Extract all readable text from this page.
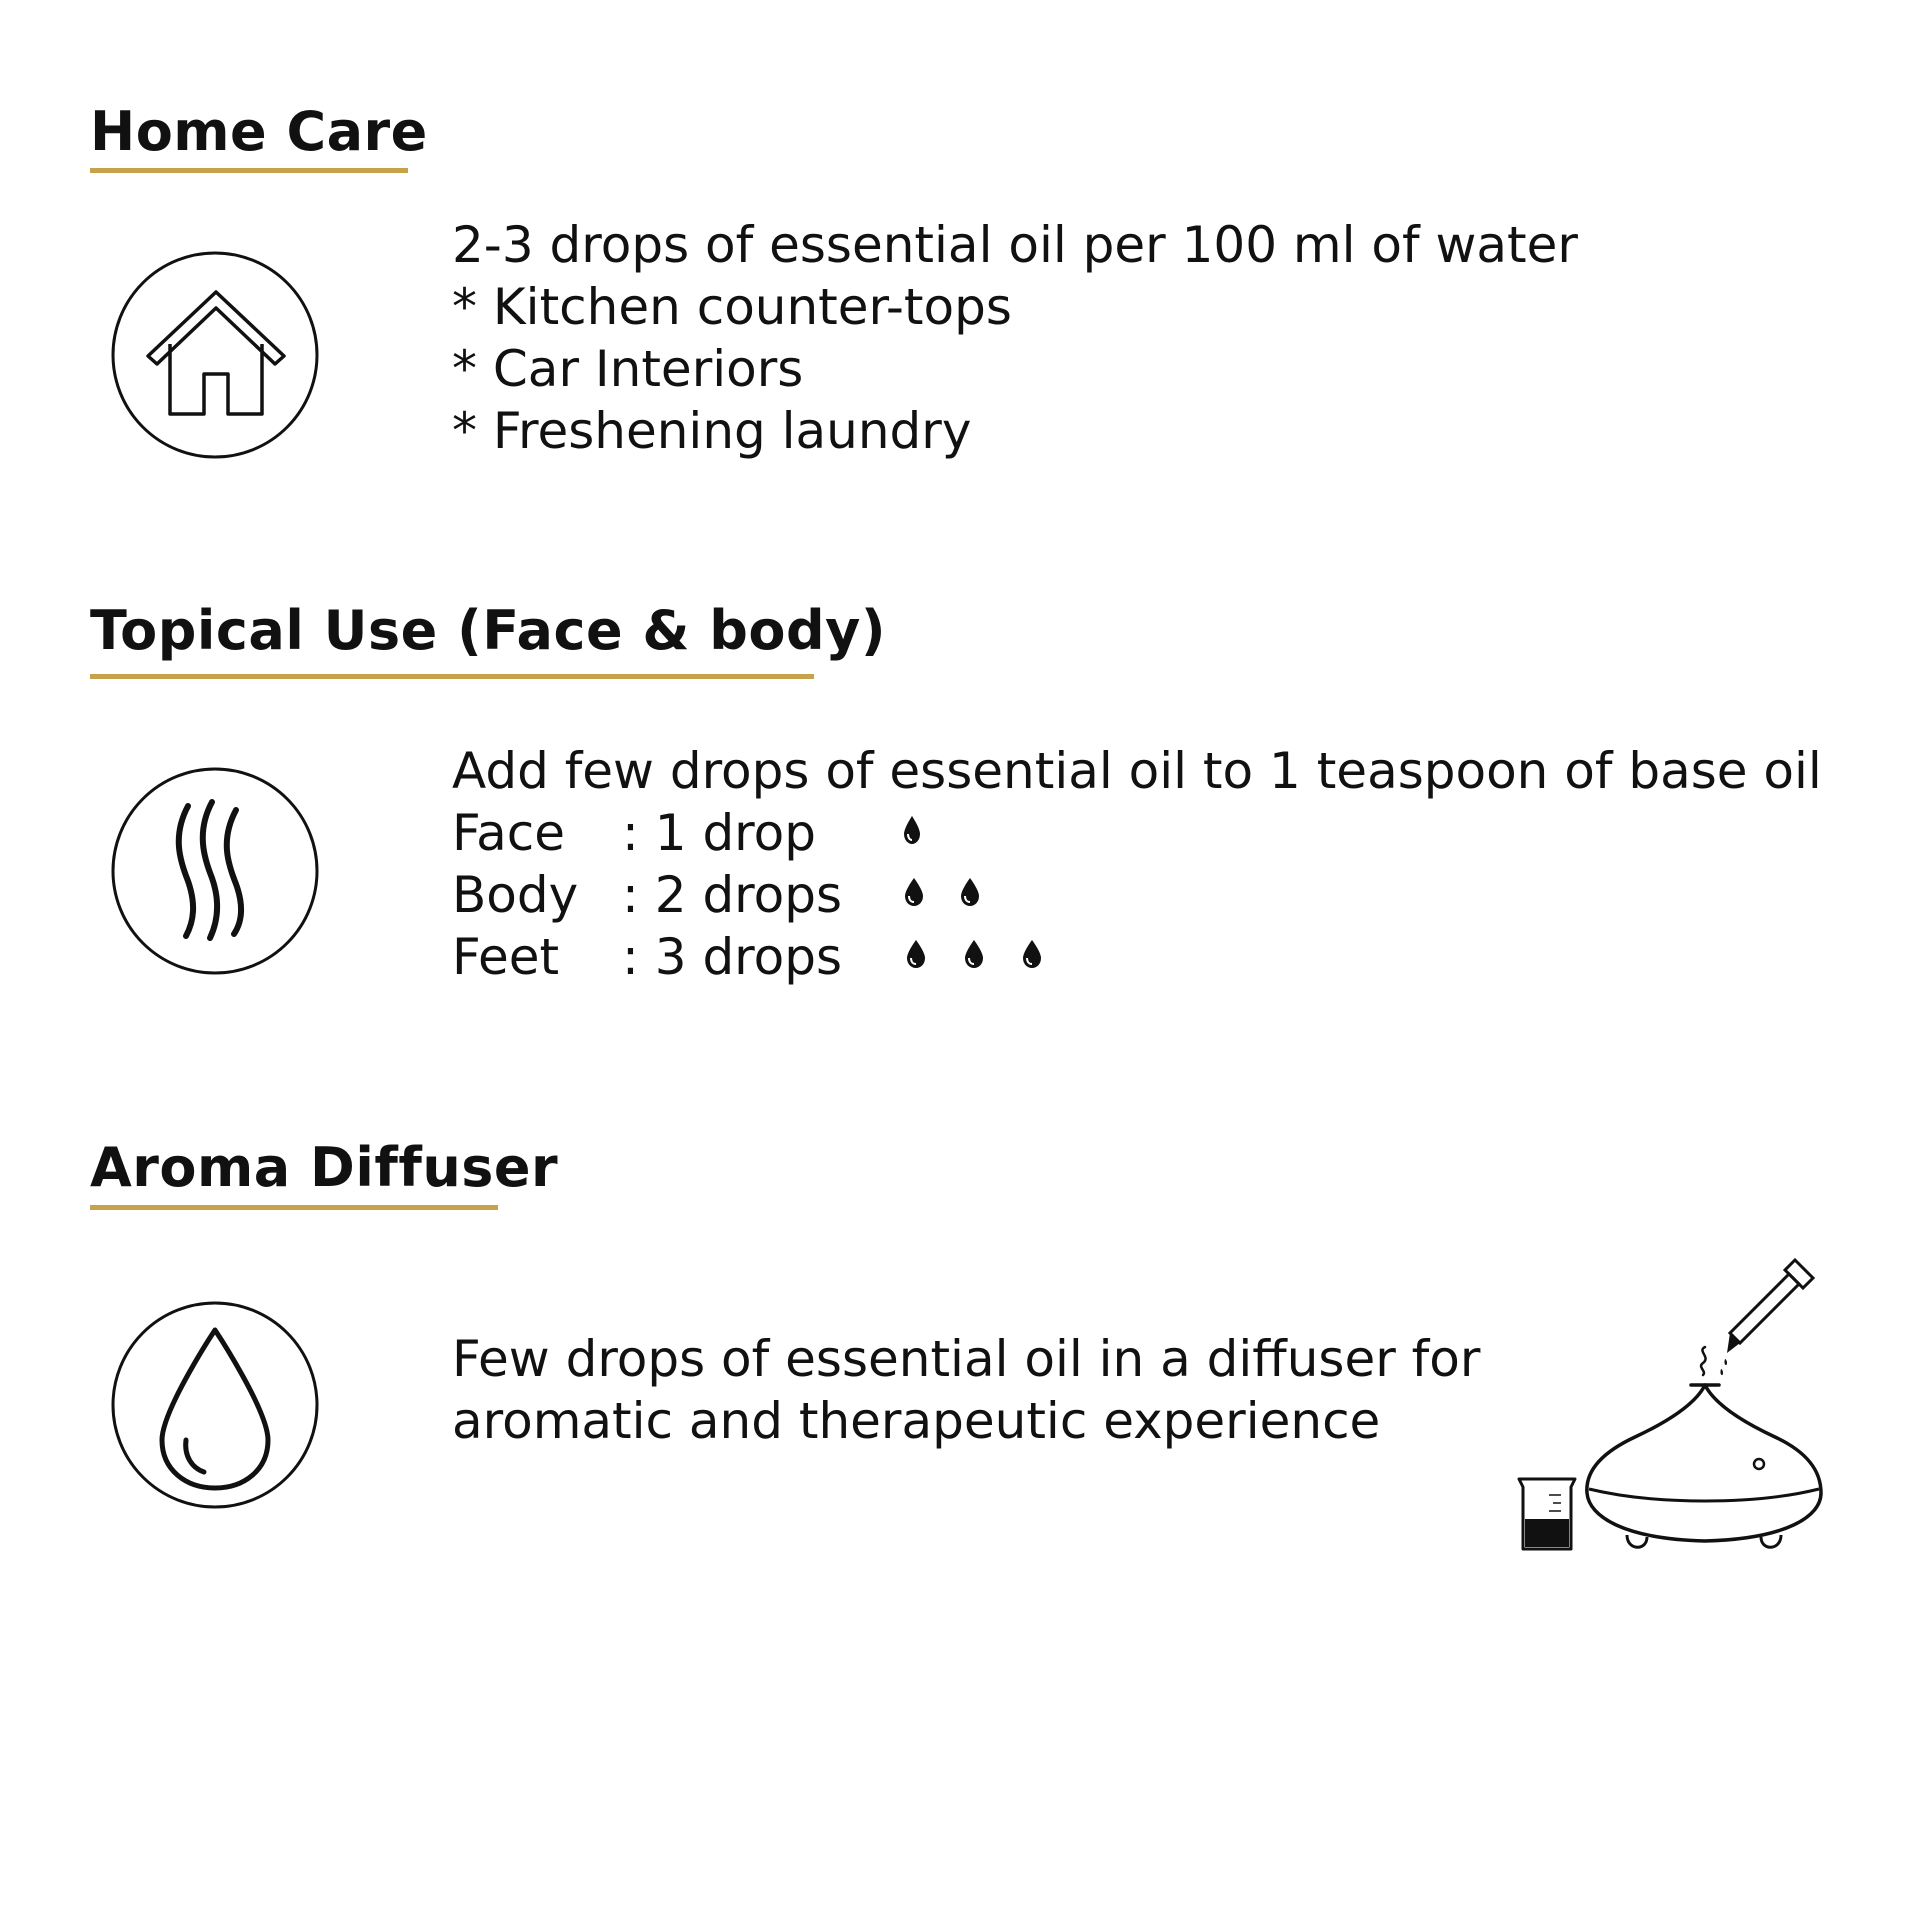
Home Care
2-3 drops of essential oil per 100 ml of water
* Kitchen counter-tops
* Car Interiors
* Freshening laundry
Topical Use (Face & body)
Add few drops of essential oil to 1 teaspoon of base oil
Face : 1 drop
Body : 2 drops
Feet : 3 drops
Aroma Diffuser
Few drops of essential oil in a diffuser for
aromatic and therapeutic experience
